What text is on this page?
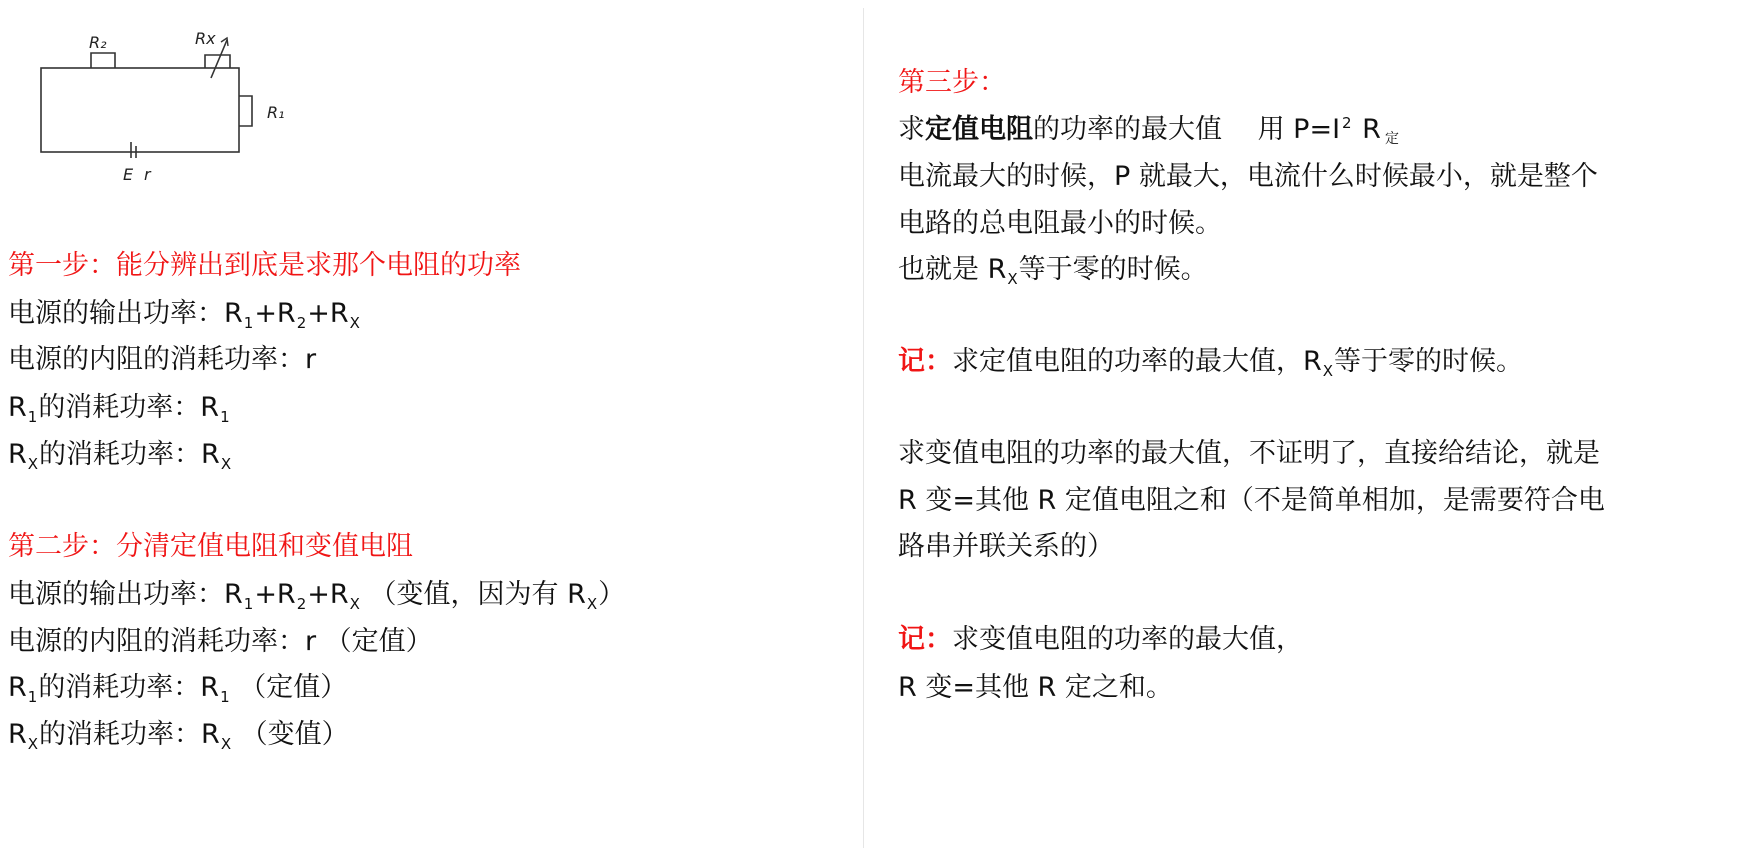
R₂	Rx
R₁
E r
第一步：能分辨出到底是求那个电阻的功率
电源的输出功率：$R_1+R_2+R_X$
电源的内阻的消耗功率：r
$R_1$的消耗功率：$R_1$
$R_X$的消耗功率：$R_X$
第二步：分清定值电阻和变值电阻
电源的输出功率：$R_1+R_2+R_X$ （变值，因为有 $R_X$）
电源的内阻的消耗功率：r （定值）
$R_1$的消耗功率：$R_1$ （定值）
$R_X$的消耗功率：$R_X$ （变值）
第三步：
求定值电阻的功率的最大值　 用 P=I $^2$ R 定
电流最大的时候，P 就最大，电流什么时候最小，就是整个
电路的总电阻最小的时候。
也就是 $R_X$等于零的时候。
记：求定值电阻的功率的最大值，$R_X$等于零的时候。
求变值电阻的功率的最大值，不证明了，直接给结论，就是
R 变=其他 R 定值电阻之和（不是简单相加，是需要符合电
路串并联关系的）
记：求变值电阻的功率的最大值，
R 变=其他 R 定之和。
